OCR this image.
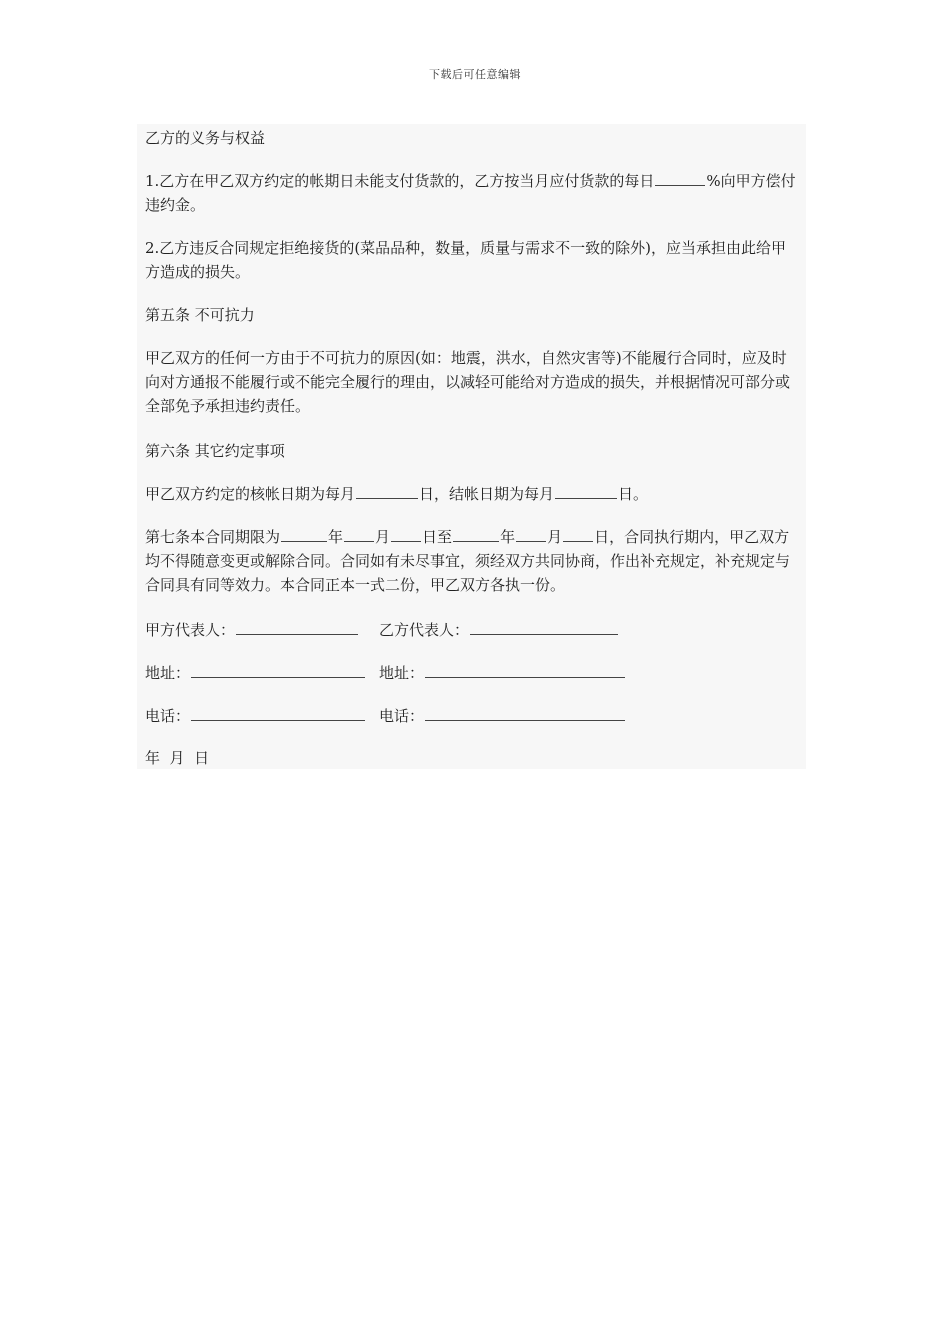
下载后可任意编辑

乙方的义务与权益

1.乙方在甲乙双方约定的帐期日未能支付货款的，乙方按当月应付货款的每日	%向甲方偿付违约金。

2.乙方违反合同规定拒绝接货的(菜品品种，数量，质量与需求不一致的除外)，应当承担由此给甲方造成的损失。

第五条 不可抗力

甲乙双方的任何一方由于不可抗力的原因(如：地震，洪水，自然灾害等)不能履行合同时，应及时向对方通报不能履行或不能完全履行的理由，以减轻可能给对方造成的损失，并根据情况可部分或全部免予承担违约责任。

第六条 其它约定事项

甲乙双方约定的核帐日期为每月	日，结帐日期为每月	日。

第七条本合同期限为	年 月 日至	年 月 日，合同执行期内，甲乙双方均不得随意变更或解除合同。合同如有未尽事宜，须经双方共同协商，作出补充规定，补充规定与合同具有同等效力。本合同正本一式二份，甲乙双方各执一份。

甲方代表人：	乙方代表人：
地址：	地址：
电话：	电话：
年  月  日
